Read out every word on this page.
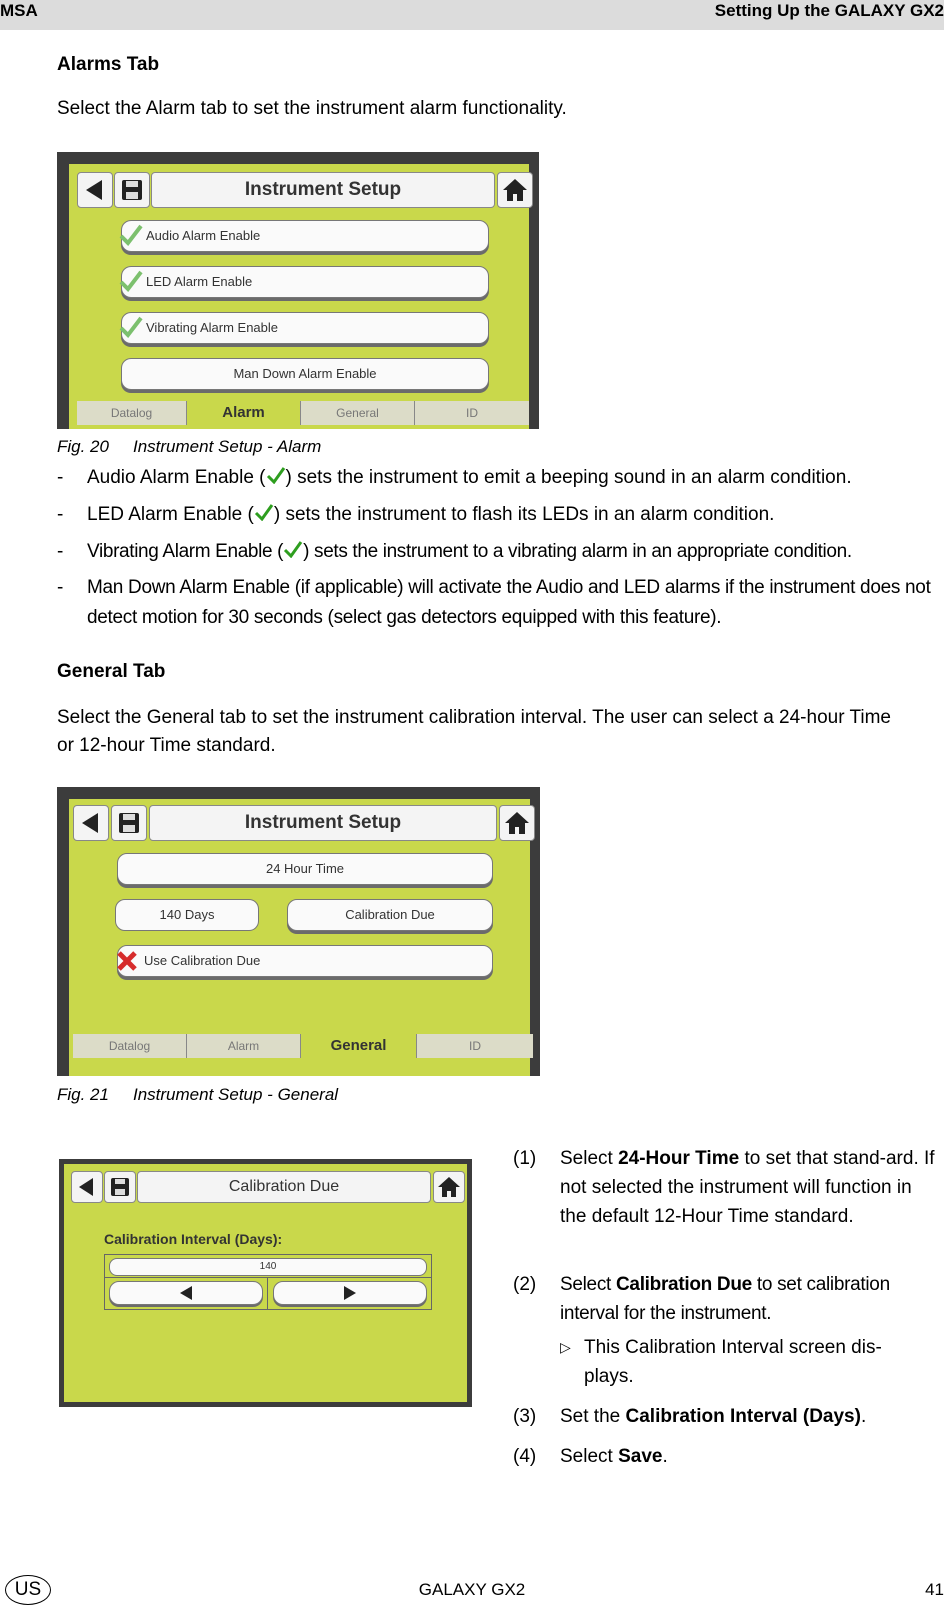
MSA	Setting Up the GALAXY GX2
Alarms Tab
Select the Alarm tab to set the instrument alarm functionality.
Instrument Setup
Audio Alarm Enable
LED Alarm Enable
Vibrating Alarm Enable
Man Down Alarm Enable
Datalog	Alarm	General	ID
Fig. 20 Instrument Setup - Alarm
- Audio Alarm Enable ( ) sets the instrument to emit a beeping sound in an alarm condition.
- LED Alarm Enable ( ) sets the instrument to flash its LEDs in an alarm condition.
- Vibrating Alarm Enable ( ) sets the instrument to a vibrating alarm in an appropriate condition.
- Man Down Alarm Enable (if applicable) will activate the Audio and LED alarms if the instrument does not detect motion for 30 seconds (select gas detectors equipped with this feature).
General Tab
Select the General tab to set the instrument calibration interval. The user can select a 24-hour Time or 12-hour Time standard.
Instrument Setup
24 Hour Time
140 Days	Calibration Due
Use Calibration Due
Datalog	Alarm	General	ID
Fig. 21 Instrument Setup - General
Calibration Due
Calibration Interval (Days):
140
(1) Select 24-Hour Time to set that stand-ard. If not selected the instrument will function in the default 12-Hour Time standard.
(2) Select Calibration Due to set calibration interval for the instrument.
▷ This Calibration Interval screen dis-plays.
(3) Set the Calibration Interval (Days).
(4) Select Save.
US	GALAXY GX2	41
